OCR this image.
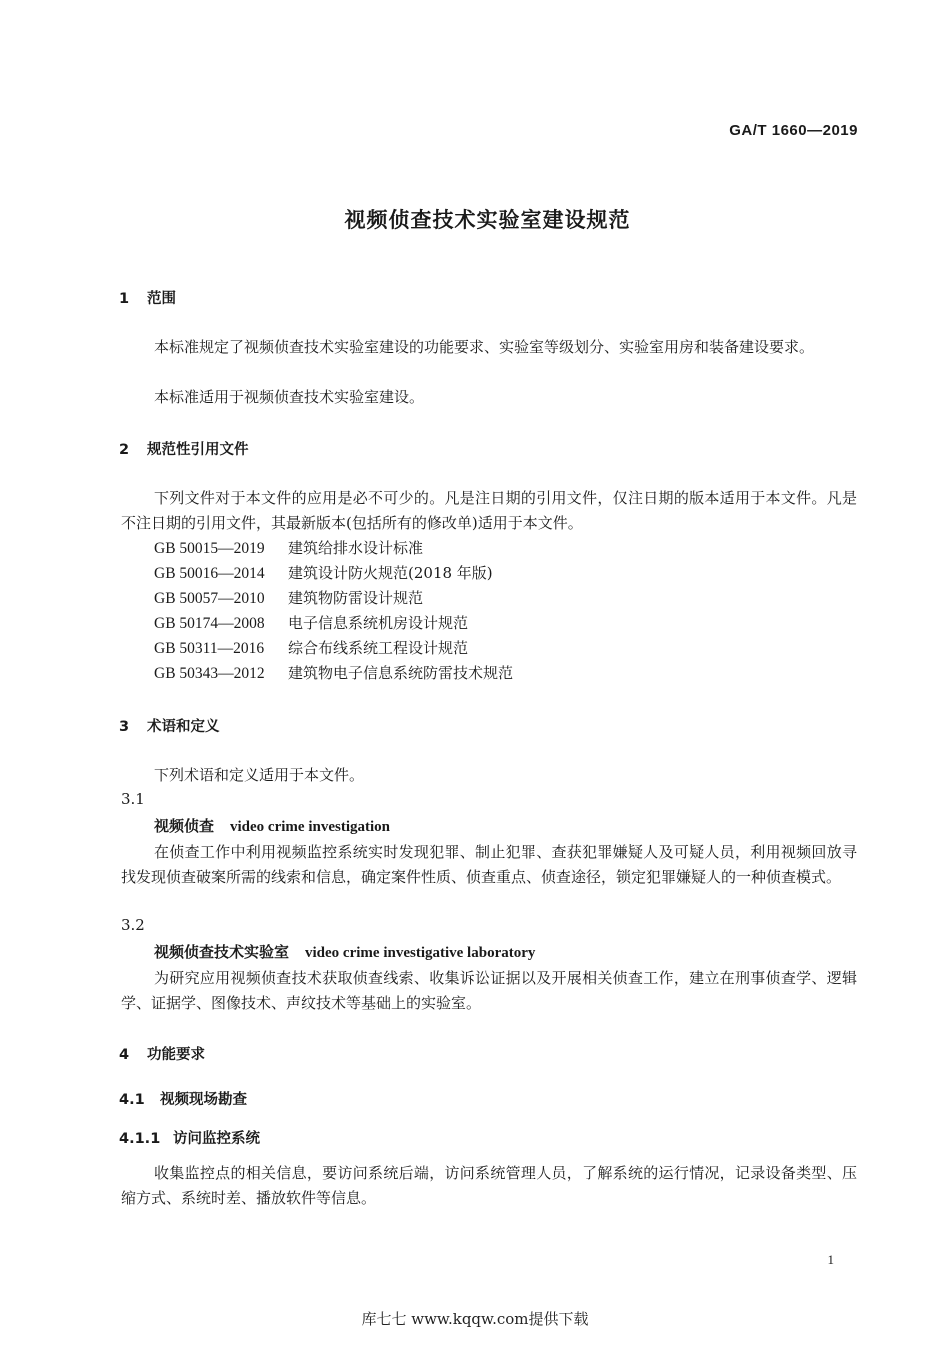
GA/T 1660—2019
视频侦查技术实验室建设规范
1 范围
本标准规定了视频侦查技术实验室建设的功能要求、实验室等级划分、实验室用房和装备建设要求。
本标准适用于视频侦查技术实验室建设。
2 规范性引用文件
下列文件对于本文件的应用是必不可少的。凡是注日期的引用文件，仅注日期的版本适用于本文件。凡是不注日期的引用文件，其最新版本(包括所有的修改单)适用于本文件。
GB 50015—2019 建筑给排水设计标准
GB 50016—2014 建筑设计防火规范(2018 年版)
GB 50057—2010 建筑物防雷设计规范
GB 50174—2008 电子信息系统机房设计规范
GB 50311—2016 综合布线系统工程设计规范
GB 50343—2012 建筑物电子信息系统防雷技术规范
3 术语和定义
下列术语和定义适用于本文件。
3.1
视频侦查 video crime investigation
在侦查工作中利用视频监控系统实时发现犯罪、制止犯罪、查获犯罪嫌疑人及可疑人员，利用视频回放寻找发现侦查破案所需的线索和信息，确定案件性质、侦查重点、侦查途径，锁定犯罪嫌疑人的一种侦查模式。
3.2
视频侦查技术实验室 video crime investigative laboratory
为研究应用视频侦查技术获取侦查线索、收集诉讼证据以及开展相关侦查工作，建立在刑事侦查学、逻辑学、证据学、图像技术、声纹技术等基础上的实验室。
4 功能要求
4.1 视频现场勘查
4.1.1 访问监控系统
收集监控点的相关信息，要访问系统后端，访问系统管理人员，了解系统的运行情况，记录设备类型、压缩方式、系统时差、播放软件等信息。
1
库七七 www.kqqw.com提供下载
